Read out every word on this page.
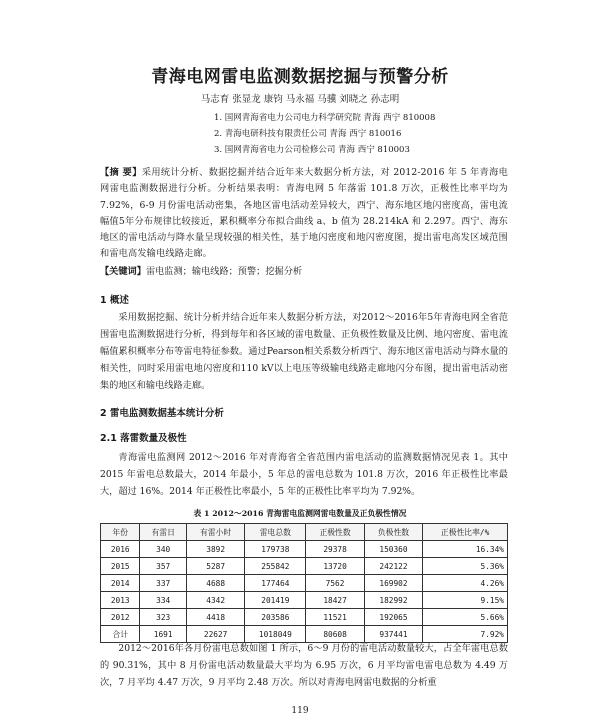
青海电网雷电监测数据挖掘与预警分析
马志育 张显龙 康钧 马永福 马骥 刘晓之 孙志明
1. 国网青海省电力公司电力科学研究院 青海 西宁 810008
2. 青海电研科技有限责任公司 青海 西宁 810016
3. 国网青海省电力公司检修公司 青海 西宁 810003
【摘 要】采用统计分析、数据挖掘并结合近年来大数据分析方法，对 2012-2016 年 5 年青海电网雷电监测数据进行分析。分析结果表明：青海电网 5 年落雷 101.8 万次，正极性比率平均为 7.92%，6-9 月份雷电活动密集，各地区雷电活动差异较大，西宁、海东地区地闪密度高，雷电流幅值5年分布规律比较接近，累积概率分布拟合曲线 a、b 值为 28.214kA 和 2.297。西宁、海东地区的雷电活动与降水量呈现较强的相关性，基于地闪密度和地闪密度图，提出雷电高发区域范围和雷电高发输电线路走廊。
【关键词】雷电监测；输电线路；预警；挖掘分析
1 概述
采用数据挖掘、统计分析并结合近年来人数据分析方法，对2012～2016年5年青海电网全省范围雷电监测数据进行分析，得到每年和各区域的雷电数量、正负极性数量及比例、地闪密度、雷电流幅值累积概率分布等雷电特征参数。通过Pearson相关系数分析西宁、海东地区雷电活动与降水量的相关性，同时采用雷电地闪密度和110 kV以上电压等级输电线路走廊地闪分布图，提出雷电活动密集的地区和输电线路走廊。
2 雷电监测数据基本统计分析
2.1 落雷数量及极性
青海雷电监测网 2012～2016 年对青海省全省范围内雷电活动的监测数据情况见表 1。其中 2015 年雷电总数最大，2014 年最小，5 年总的雷电总数为 101.8 万次，2016 年正极性比率最大，超过 16%。2014 年正极性比率最小，5 年的正极性比率平均为 7.92%。
表 1 2012～2016 青海雷电监测网雷电数量及正负极性情况
年份	有雷日	有雷小时	雷电总数	正极性数	负极性数	正极性比率/%
2016	340	3892	179738	29378	150360	16.34%
2015	357	5287	255842	13720	242122	5.36%
2014	337	4688	177464	7562	169902	4.26%
2013	334	4342	201419	18427	182992	9.15%
2012	323	4418	203586	11521	192065	5.66%
合计	1691	22627	1018049	80608	937441	7.92%
2012～2016年各月份雷电总数如图 1 所示，6～9 月份的雷电活动数量较大，占全年雷电总数的 90.31%，其中 8 月份雷电活动数量最大平均为 6.95 万次，6 月平均雷电雷电总数为 4.49 万次，7 月平均 4.47 万次，9 月平均 2.48 万次。所以对青海电网雷电数据的分析重
119
